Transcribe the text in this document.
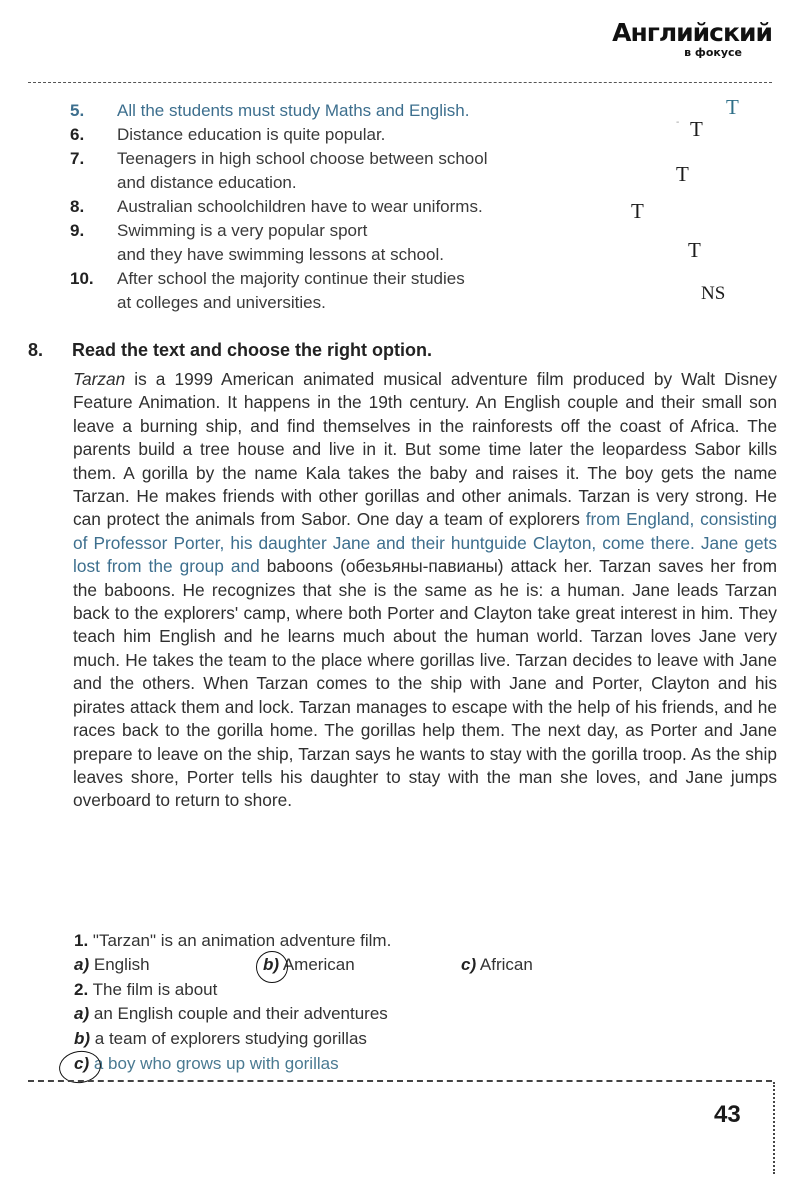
Английский
в фокусе
5.	All the students must study Maths and English.
6.	Distance education is quite popular.
7.	Teenagers in high school choose between school
and distance education.
8.	Australian schoolchildren have to wear uniforms.
9.	Swimming is a very popular sport
and they have swimming lessons at school.
10.	After school the majority continue their studies
at colleges and universities.
T
- T
T
T
T
NS
8. Read the text and choose the right option.

Tarzan is a 1999 American animated musical adventure film produced by Walt Disney Feature Animation. It happens in the 19th century. An English couple and their small son leave a burning ship, and find themselves in the rainforests off the coast of Africa. The parents build a tree house and live in it. But some time later the leopardess Sabor kills them. A gorilla by the name Kala takes the baby and raises it. The boy gets the name Tarzan. He makes friends with other gorillas and other animals. Tarzan is very strong. He can protect the animals from Sabor. One day a team of explorers from England, consisting of Professor Porter, his daughter Jane and their huntguide Clayton, come there. Jane gets lost from the group and baboons (обезьяны-павианы) attack her. Tarzan saves her from the baboons. He recognizes that she is the same as he is: a human. Jane leads Tarzan back to the explorers' camp, where both Porter and Clayton take great interest in him. They teach him English and he learns much about the human world. Tarzan loves Jane very much. He takes the team to the place where gorillas live. Tarzan decides to leave with Jane and the others. When Tarzan comes to the ship with Jane and Porter, Clayton and his pirates attack them and lock. Tarzan manages to escape with the help of his friends, and he races back to the gorilla home. The gorillas help them. The next day, as Porter and Jane prepare to leave on the ship, Tarzan says he wants to stay with the gorilla troop. As the ship leaves shore, Porter tells his daughter to stay with the man she loves, and Jane jumps overboard to return to shore.

1. "Tarzan" is an animation adventure film.
a) English	b) American	c) African
2. The film is about
a) an English couple and their adventures
b) a team of explorers studying gorillas
c) a boy who grows up with gorillas
43
